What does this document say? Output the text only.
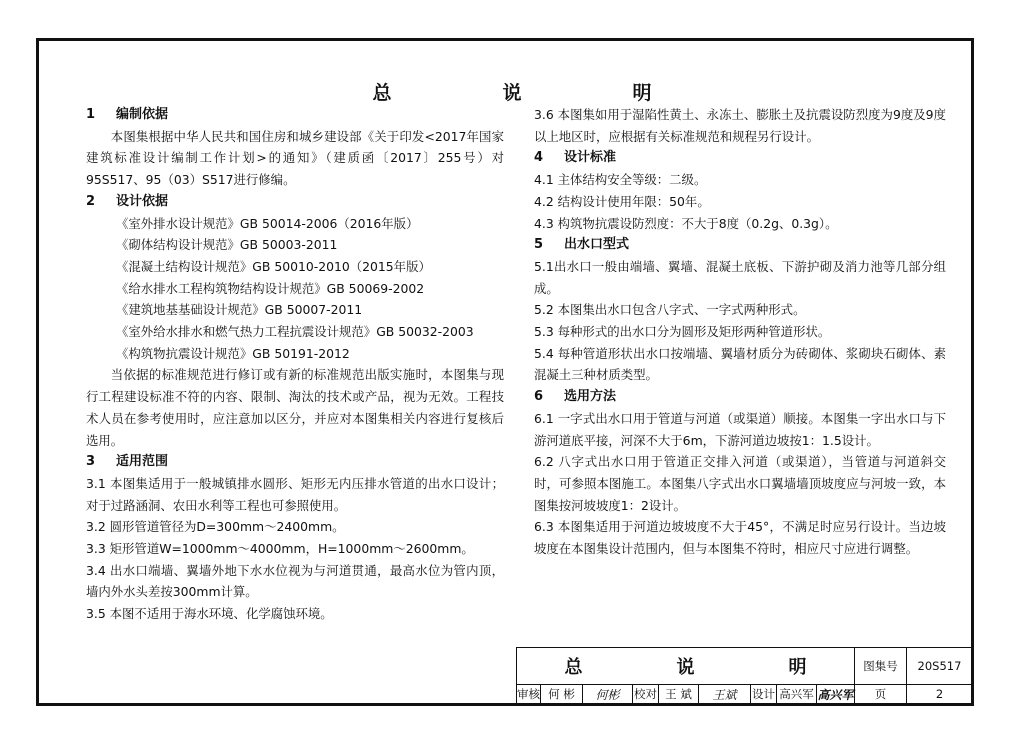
总　说　明
1 编制依据
本图集根据中华人民共和国住房和城乡建设部《关于印发<2017年国家建筑标准设计编制工作计划>的通知》（建质函〔2017〕255号）对95S517、95（03）S517进行修编。
2 设计依据
《室外排水设计规范》GB 50014-2006（2016年版）
《砌体结构设计规范》GB 50003-2011
《混凝土结构设计规范》GB 50010-2010（2015年版）
《给水排水工程构筑物结构设计规范》GB 50069-2002
《建筑地基基础设计规范》GB 50007-2011
《室外给水排水和燃气热力工程抗震设计规范》GB 50032-2003
《构筑物抗震设计规范》GB 50191-2012
当依据的标准规范进行修订或有新的标准规范出版实施时，本图集与现行工程建设标准不符的内容、限制、淘汰的技术或产品，视为无效。工程技术人员在参考使用时，应注意加以区分，并应对本图集相关内容进行复核后选用。
3 适用范围
3.1 本图集适用于一般城镇排水圆形、矩形无内压排水管道的出水口设计；对于过路涵洞、农田水利等工程也可参照使用。
3.2 圆形管道管径为D=300mm～2400mm。
3.3 矩形管道W=1000mm～4000mm，H=1000mm～2600mm。
3.4 出水口端墙、翼墙外地下水水位视为与河道贯通，最高水位为管内顶，墙内外水头差按300mm计算。
3.5 本图不适用于海水环境、化学腐蚀环境。
3.6 本图集如用于湿陷性黄土、永冻土、膨胀土及抗震设防烈度为9度及9度以上地区时，应根据有关标准规范和规程另行设计。
4 设计标准
4.1 主体结构安全等级：二级。
4.2 结构设计使用年限：50年。
4.3 构筑物抗震设防烈度：不大于8度（0.2g、0.3g）。
5 出水口型式
5.1出水口一般由端墙、翼墙、混凝土底板、下游护砌及消力池等几部分组成。
5.2 本图集出水口包含八字式、一字式两种形式。
5.3 每种形式的出水口分为圆形及矩形两种管道形状。
5.4 每种管道形状出水口按端墙、翼墙材质分为砖砌体、浆砌块石砌体、素混凝土三种材质类型。
6 选用方法
6.1 一字式出水口用于管道与河道（或渠道）顺接。本图集一字出水口与下游河道底平接，河深不大于6m，下游河道边坡按1：1.5设计。
6.2 八字式出水口用于管道正交排入河道（或渠道），当管道与河道斜交时，可参照本图施工。本图集八字式出水口翼墙墙顶坡度应与河坡一致，本图集按河坡坡度1：2设计。
6.3 本图集适用于河道边坡坡度不大于45°，不满足时应另行设计。当边坡坡度在本图集设计范围内，但与本图集不符时，相应尺寸应进行调整。
总　说　明	图集号	20S517
审核 何 彬	何彬	校对 王 斌	王斌	设计 高兴军 高兴军	页	2
